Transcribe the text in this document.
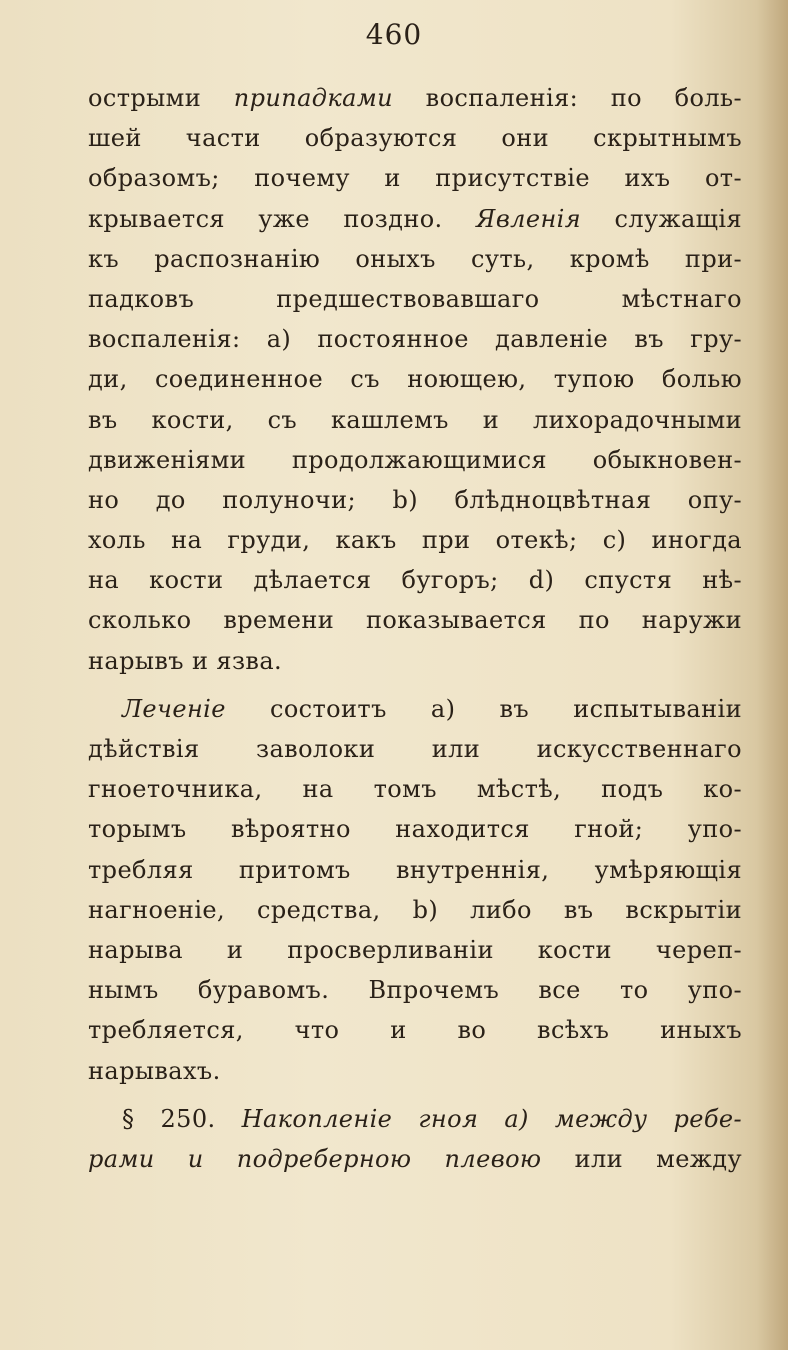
460
острыми припадками воспаленія: по боль-
шей части образуются они скрытнымъ
образомъ; почему и присутствіе ихъ от-
крывается уже поздно. Явленія служащія
къ распознанію оныхъ суть, кромѣ при-
падковъ предшествовавшаго мѣстнаго
воспаленія: а) постоянное давленіе въ гру-
ди, соединенное съ ноющею, тупою болью
въ кости, съ кашлемъ и лихорадочными
движеніями продолжающимися обыкновен-
но до полуночи; b) блѣдноцвѣтная опу-
холь на груди, какъ при отекѣ; с) иногда
на кости дѣлается бугоръ; d) спустя нѣ-
сколько времени показывается по наружи
нарывъ и язва.
Леченіе состоитъ а) въ испытываніи
дѣйствія заволоки или искусственнаго
гноеточника, на томъ мѣстѣ, подъ ко-
торымъ вѣроятно находится гной; упо-
требляя притомъ внутреннія, умѣряющія
нагноеніе, средства, b) либо въ вскрытіи
нарыва и просверливаніи кости череп-
нымъ буравомъ. Впрочемъ все то упо-
требляется, что и во всѣхъ иныхъ
нарывахъ.
§ 250. Накопленіе гноя а) между ребе-
рами и подреберною плевою или между
